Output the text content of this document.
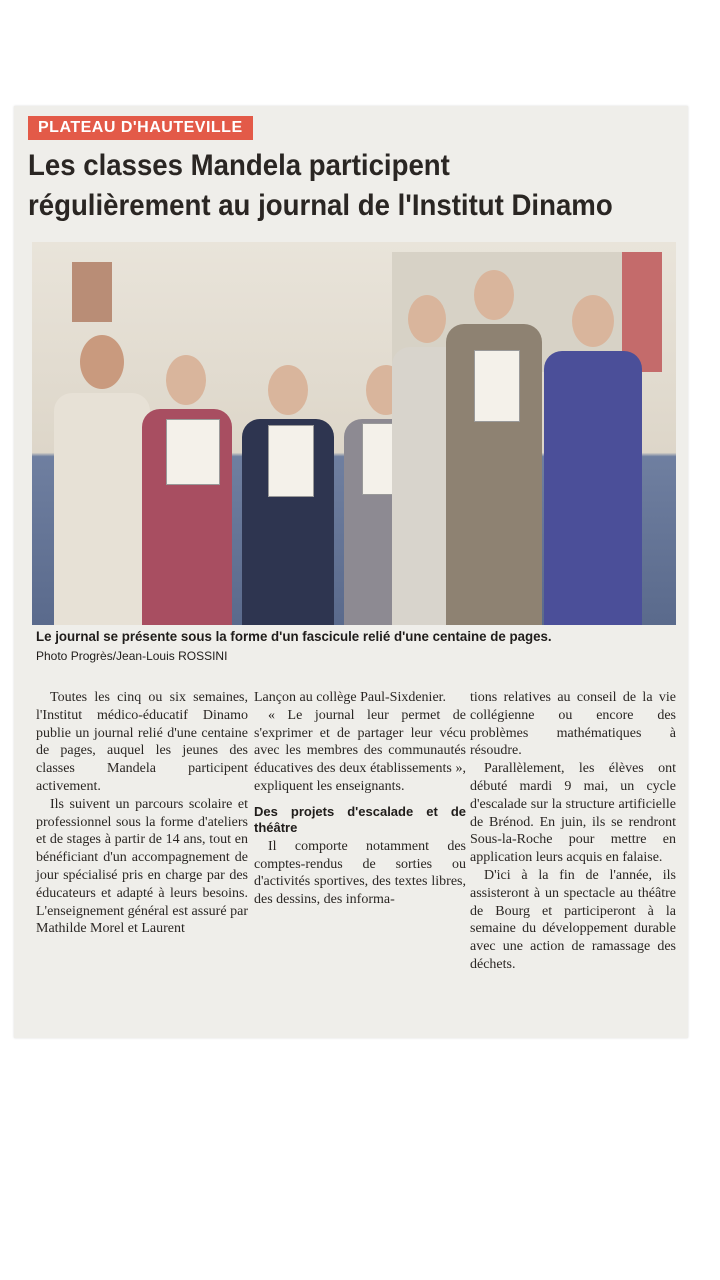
PLATEAU D'HAUTEVILLE
Les classes Mandela participent
régulièrement au journal de l'Institut Dinamo

Le journal se présente sous la forme d'un fascicule relié d'une centaine de pages.

Photo Progrès/Jean-Louis ROSSINI

Toutes les cinq ou six semaines, l'Institut médico-éducatif Dinamo publie un journal relié d'une centaine de pages, auquel les jeunes des classes Mandela participent activement.

Ils suivent un parcours scolaire et professionnel sous la forme d'ateliers et de stages à partir de 14 ans, tout en bénéficiant d'un accompagnement de jour spécialisé pris en charge par des éducateurs et adapté à leurs besoins. L'enseignement général est assuré par Mathilde Morel et Laurent

Lançon au collège Paul-Sixdenier.

« Le journal leur permet de s'exprimer et de partager leur vécu avec les membres des communautés éducatives des deux établissements », expliquent les enseignants.

Des projets d'escalade et de théâtre

Il comporte notamment des comptes-rendus de sorties ou d'activités sportives, des textes libres, des dessins, des informa-

tions relatives au conseil de la vie collégienne ou encore des problèmes mathématiques à résoudre.

Parallèlement, les élèves ont débuté mardi 9 mai, un cycle d'escalade sur la structure artificielle de Brénod. En juin, ils se rendront Sous-la-Roche pour mettre en application leurs acquis en falaise.

D'ici à la fin de l'année, ils assisteront à un spectacle au théâtre de Bourg et participeront à la semaine du développement durable avec une action de ramassage des déchets.
